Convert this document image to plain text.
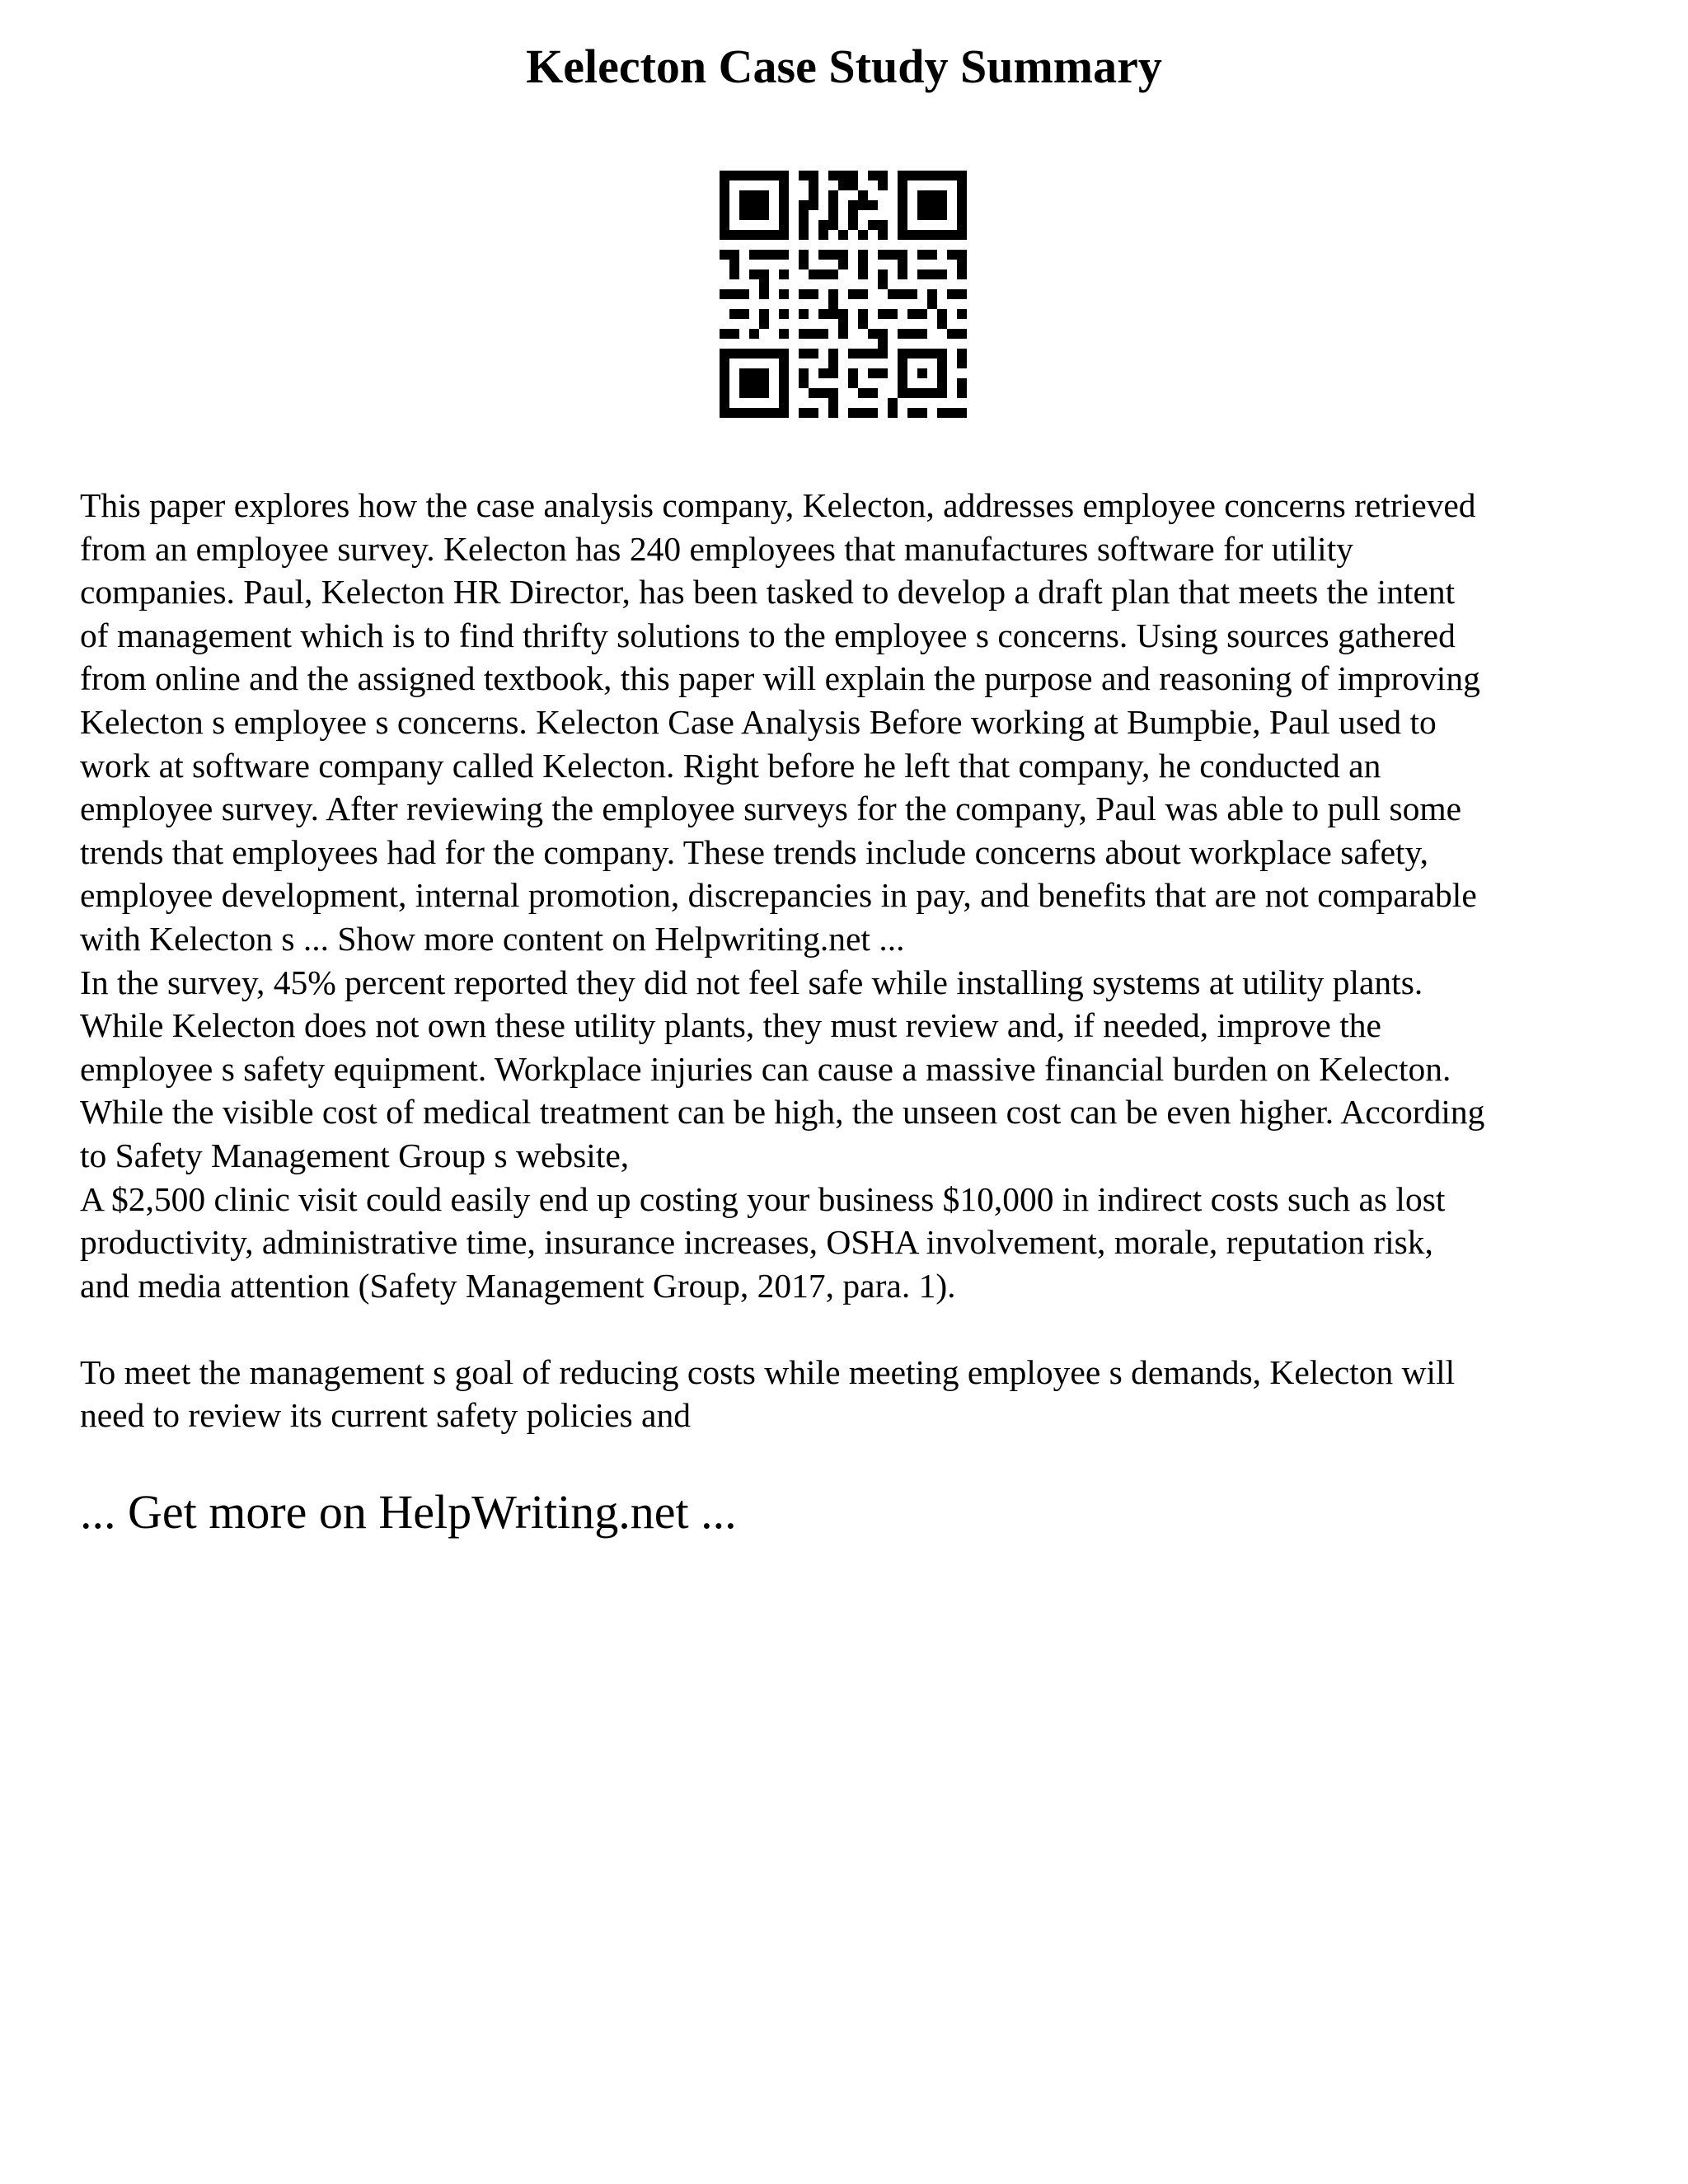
Kelecton Case Study Summary

This paper explores how the case analysis company, Kelecton, addresses employee concerns retrieved
from an employee survey. Kelecton has 240 employees that manufactures software for utility
companies. Paul, Kelecton HR Director, has been tasked to develop a draft plan that meets the intent
of management which is to find thrifty solutions to the employee s concerns. Using sources gathered
from online and the assigned textbook, this paper will explain the purpose and reasoning of improving
Kelecton s employee s concerns. Kelecton Case Analysis Before working at Bumpbie, Paul used to
work at software company called Kelecton. Right before he left that company, he conducted an
employee survey. After reviewing the employee surveys for the company, Paul was able to pull some
trends that employees had for the company. These trends include concerns about workplace safety,
employee development, internal promotion, discrepancies in pay, and benefits that are not comparable
with Kelecton s ... Show more content on Helpwriting.net ...

In the survey, 45% percent reported they did not feel safe while installing systems at utility plants.
While Kelecton does not own these utility plants, they must review and, if needed, improve the
employee s safety equipment. Workplace injuries can cause a massive financial burden on Kelecton.
While the visible cost of medical treatment can be high, the unseen cost can be even higher. According
to Safety Management Group s website,

A $2,500 clinic visit could easily end up costing your business $10,000 in indirect costs such as lost
productivity, administrative time, insurance increases, OSHA involvement, morale, reputation risk,
and media attention (Safety Management Group, 2017, para. 1).

To meet the management s goal of reducing costs while meeting employee s demands, Kelecton will
need to review its current safety policies and

... Get more on HelpWriting.net ...
